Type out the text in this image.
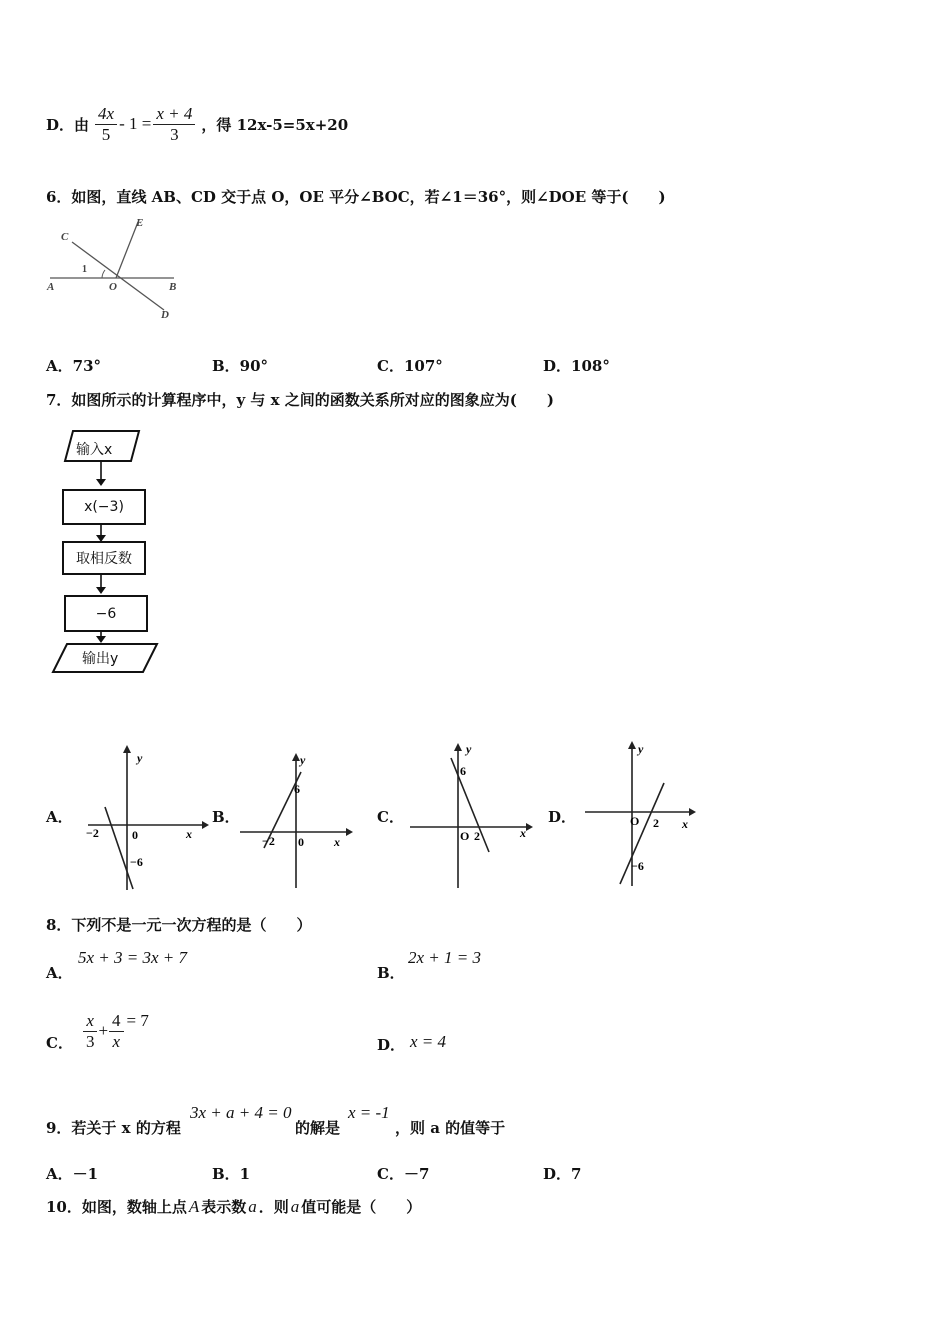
D．由 $\frac{4x}{5} - 1 = \frac{x + 4}{3}$ ，得 12x-5=5x+20
6．如图，直线 AB、CD 交于点 O，OE 平分∠BOC，若∠1＝36°，则∠DOE 等于(　　)
C
E
1
A	O	B
D
A．73°	B．90°	C．107°	D．108°
7．如图所示的计算程序中，y 与 x 之间的函数关系所对应的图象应为(　　)
输入x
x(−3)
取相反数
−6
输出y
A．
y
x
0
−2
−6
B．
y
x
0
−2
6
C．
y
x
O 2
6
D．
y
x
O 2
−6
8．下列不是一元一次方程的是（　　）
A．
5x + 3 = 3x + 7
B．
2x + 1 = 3
C． $\frac{x}{3} + \frac{4}{x} = 7$
D． x = 4
9．若关于 x 的方程
3x + a + 4 = 0
的解是
x = -1
，则 a 的值等于
A．－1	B．1	C．－7	D．7
10．如图，数轴上点 A 表示数 a ．则 a 值可能是（　　）
